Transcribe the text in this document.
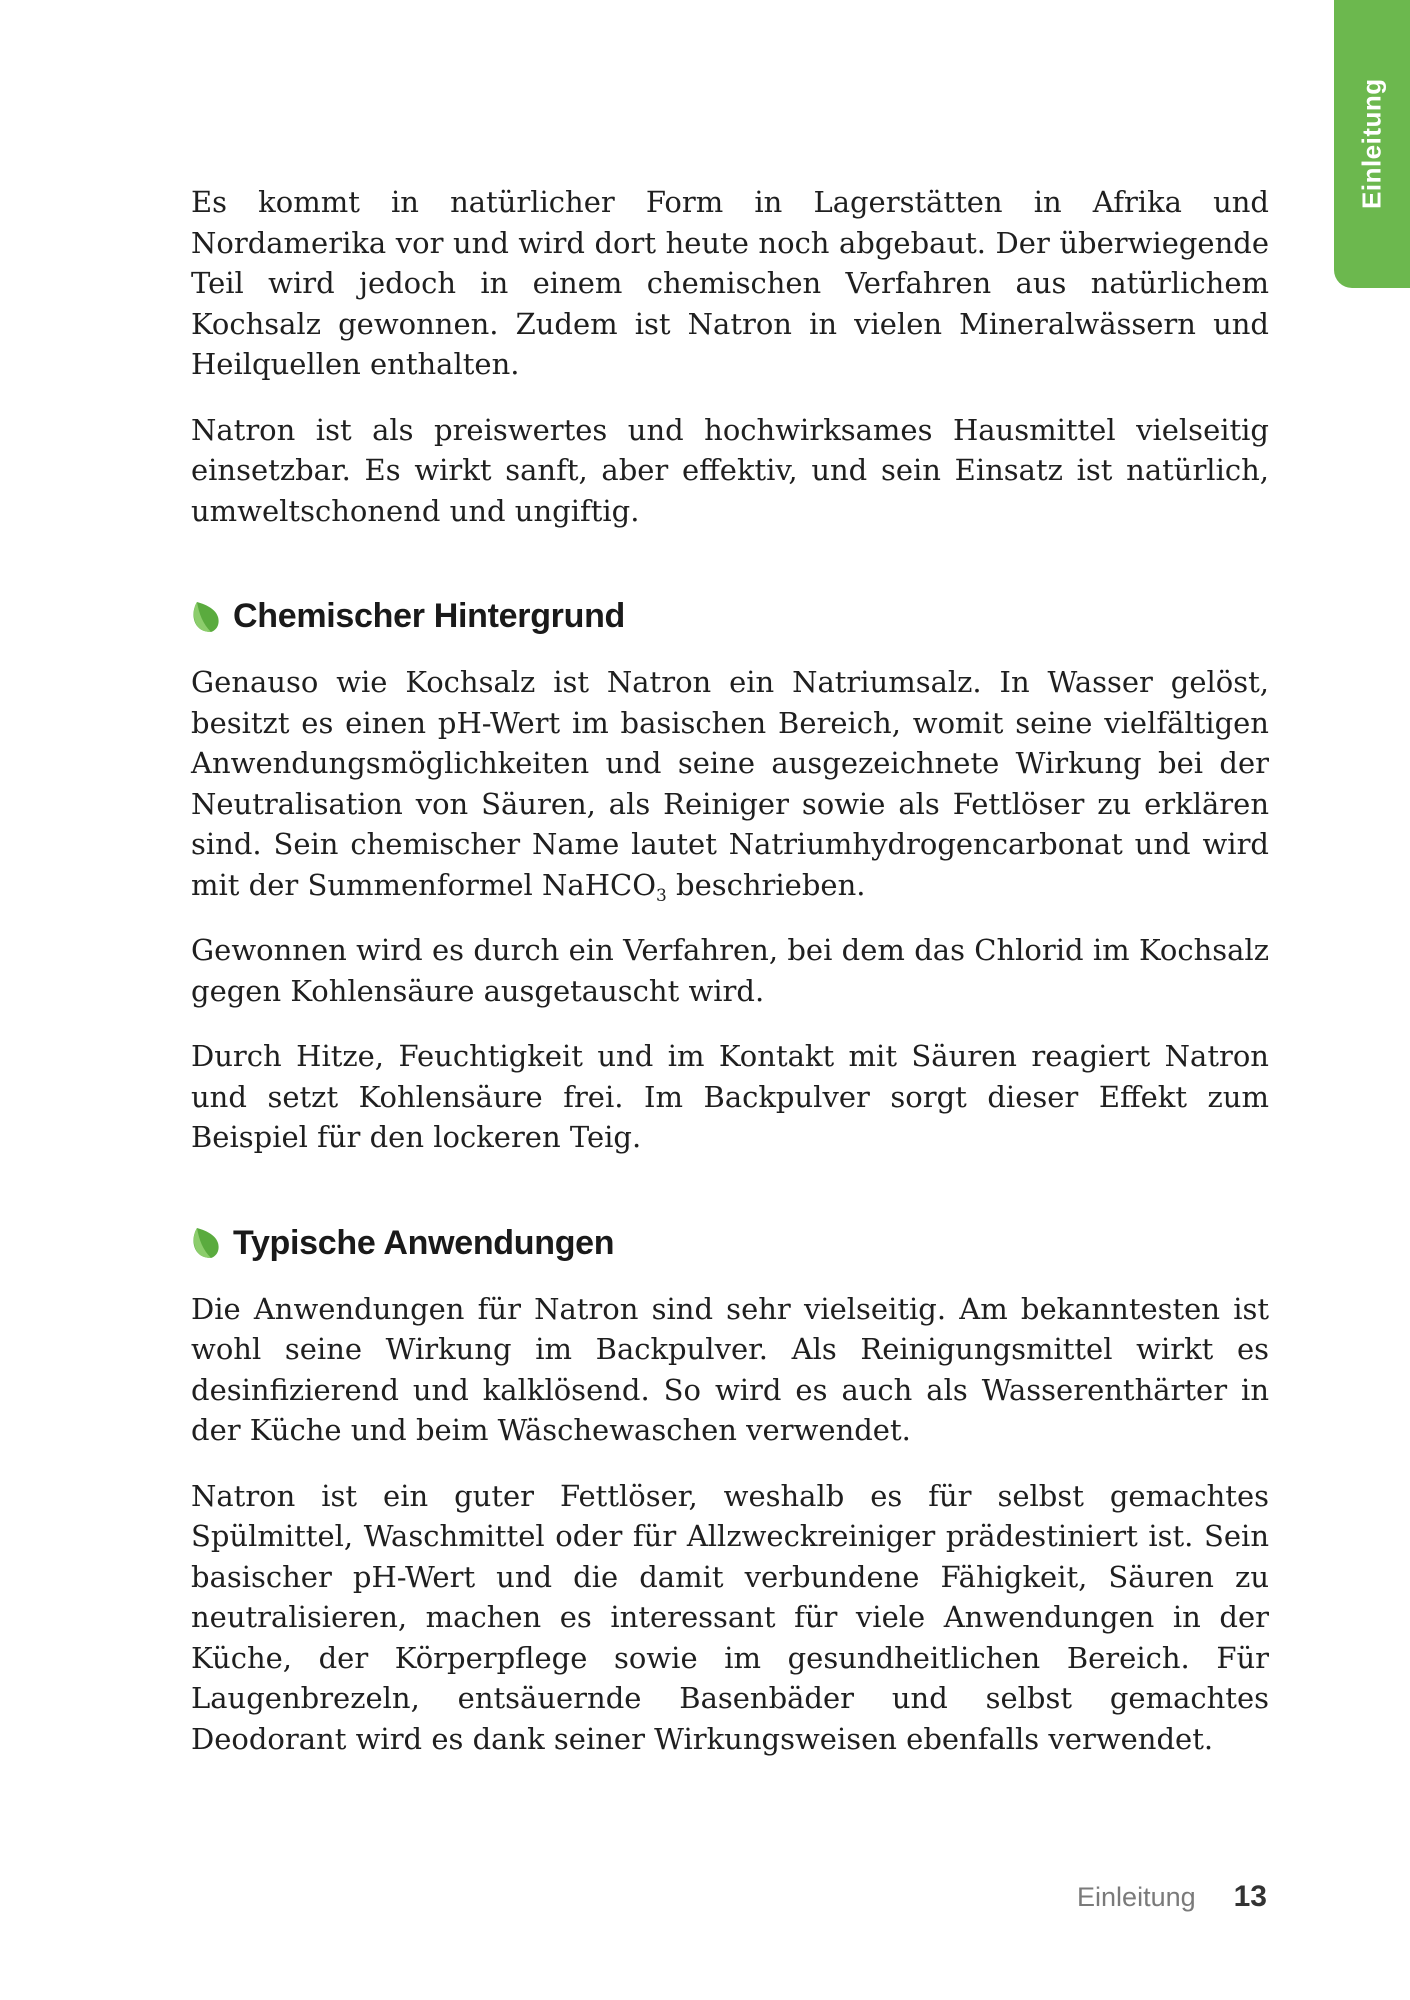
Einleitung

Es kommt in natürlicher Form in Lagerstätten in Afrika und Nordamerika vor und wird dort heute noch abgebaut. Der überwiegende Teil wird jedoch in einem chemischen Verfahren aus natürlichem Kochsalz gewonnen. Zudem ist Natron in vielen Mineralwässern und Heilquellen enthalten.

Natron ist als preiswertes und hochwirksames Hausmittel vielseitig einsetzbar. Es wirkt sanft, aber effektiv, und sein Einsatz ist natürlich, umweltschonend und ungiftig.

Chemischer Hintergrund

Genauso wie Kochsalz ist Natron ein Natriumsalz. In Wasser gelöst, besitzt es einen pH-Wert im basischen Bereich, womit seine vielfältigen Anwendungsmöglichkeiten und seine ausgezeichnete Wirkung bei der Neutralisation von Säuren, als Reiniger sowie als Fettlöser zu erklären sind. Sein chemischer Name lautet Natriumhydrogencarbonat und wird mit der Summenformel NaHCO$_3$ beschrieben.

Gewonnen wird es durch ein Verfahren, bei dem das Chlorid im Kochsalz gegen Kohlensäure ausgetauscht wird.

Durch Hitze, Feuchtigkeit und im Kontakt mit Säuren reagiert Natron und setzt Kohlensäure frei. Im Backpulver sorgt dieser Effekt zum Beispiel für den lockeren Teig.

Typische Anwendungen

Die Anwendungen für Natron sind sehr vielseitig. Am bekanntesten ist wohl seine Wirkung im Backpulver. Als Reinigungsmittel wirkt es desinfizierend und kalklösend. So wird es auch als Wasserenthärter in der Küche und beim Wäschewaschen verwendet.

Natron ist ein guter Fettlöser, weshalb es für selbst gemachtes Spülmittel, Waschmittel oder für Allzweckreiniger prädestiniert ist. Sein basischer pH-Wert und die damit verbundene Fähigkeit, Säuren zu neutralisieren, machen es interessant für viele Anwendungen in der Küche, der Körperpflege sowie im gesundheitlichen Bereich. Für Laugenbrezeln, entsäuernde Basenbäder und selbst gemachtes Deodorant wird es dank seiner Wirkungsweisen ebenfalls verwendet.

Einleitung 13
